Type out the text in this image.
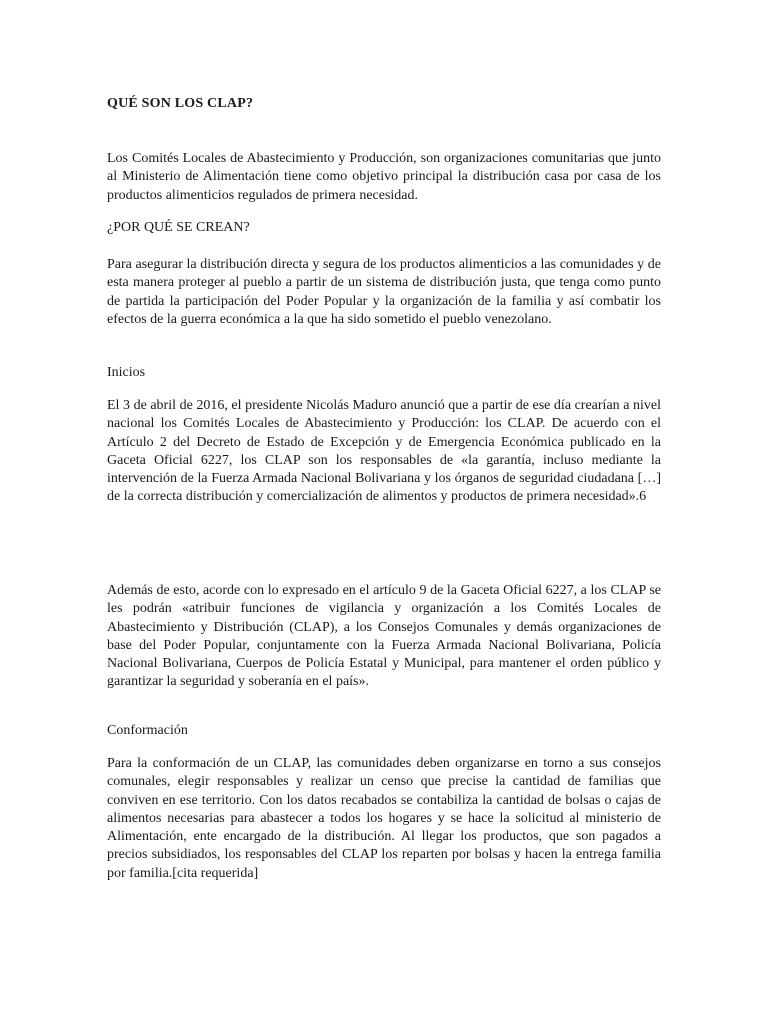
QUÉ SON LOS CLAP?
Los Comités Locales de Abastecimiento y Producción, son organizaciones comunitarias que junto al Ministerio de Alimentación tiene como objetivo principal la distribución casa por casa de los productos alimenticios regulados de primera necesidad.
¿POR QUÉ SE CREAN?
Para asegurar la distribución directa y segura de los productos alimenticios a las comunidades y de esta manera proteger al pueblo a partir de un sistema de distribución justa, que tenga como punto de partida la participación del Poder Popular y la organización de la familia y así combatir los efectos de la guerra económica a la que ha sido sometido el pueblo venezolano.
Inicios
El 3 de abril de 2016, el presidente Nicolás Maduro anunció que a partir de ese día crearían a nivel nacional los Comités Locales de Abastecimiento y Producción: los CLAP. De acuerdo con el Artículo 2 del Decreto de Estado de Excepción y de Emergencia Económica publicado en la Gaceta Oficial 6227, los CLAP son los responsables de «la garantía, incluso mediante la intervención de la Fuerza Armada Nacional Bolivariana y los órganos de seguridad ciudadana […] de la correcta distribución y comercialización de alimentos y productos de primera necesidad».6
Además de esto, acorde con lo expresado en el artículo 9 de la Gaceta Oficial 6227, a los CLAP se les podrán «atribuir funciones de vigilancia y organización a los Comités Locales de Abastecimiento y Distribución (CLAP), a los Consejos Comunales y demás organizaciones de base del Poder Popular, conjuntamente con la Fuerza Armada Nacional Bolivariana, Policía Nacional Bolivariana, Cuerpos de Policía Estatal y Municipal, para mantener el orden público y garantizar la seguridad y soberanía en el país».
Conformación
Para la conformación de un CLAP, las comunidades deben organizarse en torno a sus consejos comunales, elegir responsables y realizar un censo que precise la cantidad de familias que conviven en ese territorio. Con los datos recabados se contabiliza la cantidad de bolsas o cajas de alimentos necesarias para abastecer a todos los hogares y se hace la solicitud al ministerio de Alimentación, ente encargado de la distribución. Al llegar los productos, que son pagados a precios subsidiados, los responsables del CLAP los reparten por bolsas y hacen la entrega familia por familia.[cita requerida]
